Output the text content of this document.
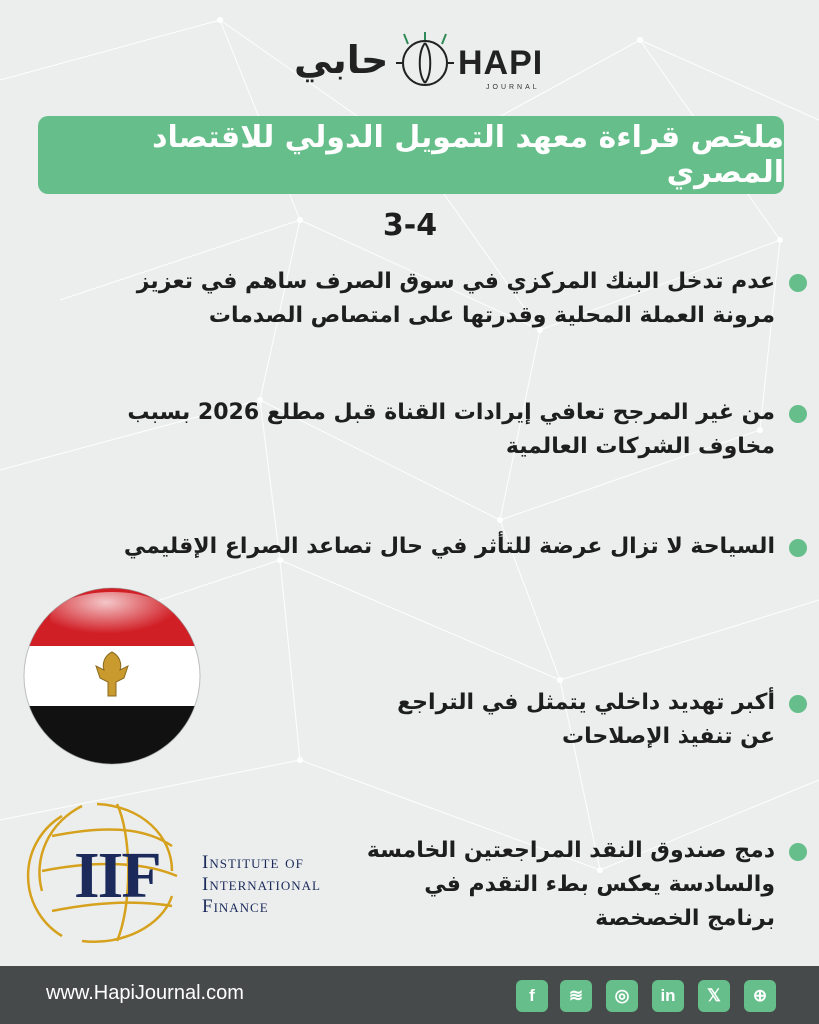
حابي HAPI
JOURNAL
ملخص قراءة معهد التمويل الدولي للاقتصاد المصري
3-4
عدم تدخل البنك المركزي في سوق الصرف ساهم في تعزيز مرونة العملة المحلية وقدرتها على امتصاص الصدمات
من غير المرجح تعافي إيرادات القناة قبل مطلع 2026 بسبب مخاوف الشركات العالمية
السياحة لا تزال عرضة للتأثر في حال تصاعد الصراع الإقليمي
أكبر تهديد داخلي يتمثل في التراجع عن تنفيذ الإصلاحات
دمج صندوق النقد المراجعتين الخامسة والسادسة يعكس بطء التقدم في برنامج الخصخصة
IIF Institute of
International
Finance
www.HapiJournal.com	f	≋	◎	in	𝕏	⊕
